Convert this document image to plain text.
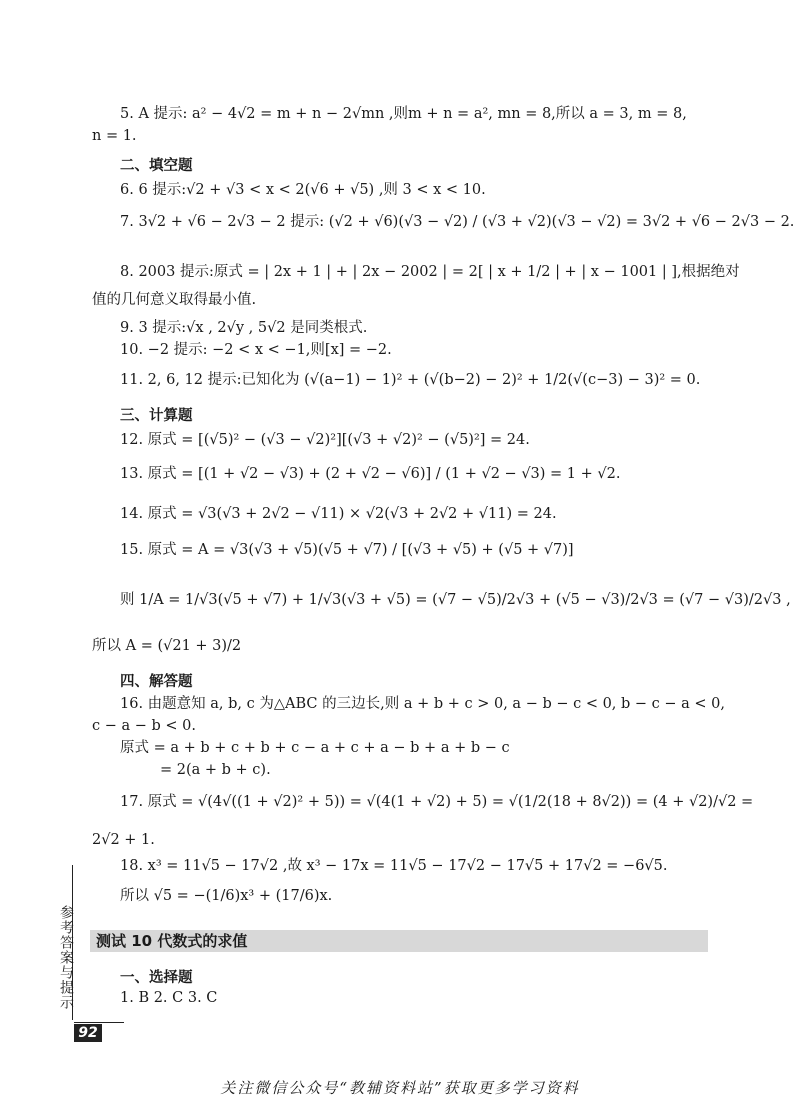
5. A 提示: a² − 4√2 = m + n − 2√mn ,则m + n = a², mn = 8,所以 a = 3, m = 8,
n = 1.
二、填空题
6. 6 提示:√2 + √3 < x < 2(√6 + √5) ,则 3 < x < 10.
7. 3√2 + √6 − 2√3 − 2 提示: (√2 + √6)(√3 − √2) / (√3 + √2)(√3 − √2) = 3√2 + √6 − 2√3 − 2.
8. 2003 提示:原式 = | 2x + 1 | + | 2x − 2002 | = 2[ | x + 1/2 | + | x − 1001 | ],根据绝对
值的几何意义取得最小值.
9. 3 提示:√x , 2√y , 5√2 是同类根式.
10. −2 提示: −2 < x < −1,则[x] = −2.
11. 2, 6, 12 提示:已知化为 (√(a−1) − 1)² + (√(b−2) − 2)² + 1/2(√(c−3) − 3)² = 0.
三、计算题
12. 原式 = [(√5)² − (√3 − √2)²][(√3 + √2)² − (√5)²] = 24.
13. 原式 = [(1 + √2 − √3) + (2 + √2 − √6)] / (1 + √2 − √3) = 1 + √2.
14. 原式 = √3(√3 + 2√2 − √11) × √2(√3 + 2√2 + √11) = 24.
15. 原式 = A = √3(√3 + √5)(√5 + √7) / [(√3 + √5) + (√5 + √7)]
则 1/A = 1/√3(√5 + √7) + 1/√3(√3 + √5) = (√7 − √5)/2√3 + (√5 − √3)/2√3 = (√7 − √3)/2√3 ,
所以 A = (√21 + 3)/2
四、解答题
16. 由题意知 a, b, c 为△ABC 的三边长,则 a + b + c > 0, a − b − c < 0, b − c − a < 0,
c − a − b < 0.
原式 = a + b + c + b + c − a + c + a − b + a + b − c
= 2(a + b + c).
17. 原式 = √(4√((1 + √2)² + 5)) = √(4(1 + √2) + 5) = √(1/2(18 + 8√2)) = (4 + √2)/√2 =
2√2 + 1.
18. x³ = 11√5 − 17√2 ,故 x³ − 17x = 11√5 − 17√2 − 17√5 + 17√2 = −6√5.
所以 √5 = −(1/6)x³ + (17/6)x.
测试 10 代数式的求值
一、选择题
1. B 2. C 3. C
参考答案与提示
92
关注微信公众号“教辅资料站”获取更多学习资料
